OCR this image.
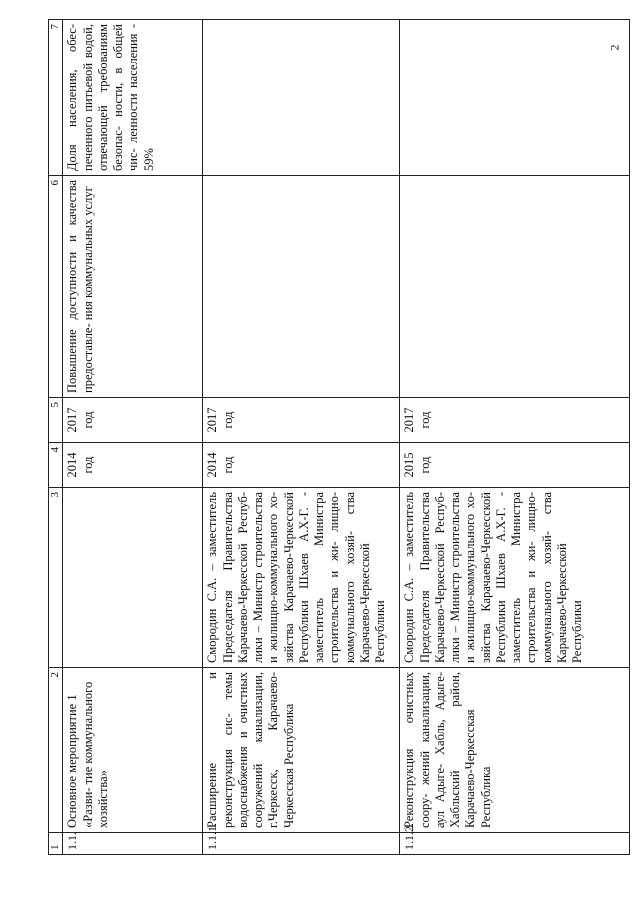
2
1	2	3	4	5	6	7
1.1.	Основное мероприятие 1 «Разви- тие коммунального хозяйства»		2014 год	2017 год	Повышение доступности и качества предоставле- ния коммунальных услуг	Доля населения, обес- печенного питьевой водой, отвечающей требованиям безопас- ности, в общей чис- ленности населения - 59%
1.1.1.	Расширение и реконструкция сис- темы водоснабжения и очистных сооружений канализации, г.Черкесск, Карачаево-Черкесская Республика	Смородин С.А. – заместитель Председателя Правительства Карачаево-Черкесской Респуб- лики – Министр строительства и жилищно-коммунального хо- зяйства Карачаево-Черкесской Республики Шхаев А.Х-Г. - заместитель Министра строительства и жи- лищно-коммунального хозяй- ства Карачаево-Черкесской Республики	2014 год	2017 год		
1.1.2.	Реконструкция очистных соору- жений канализации, аул Адыге- Хабль, Адыге-Хабльский район, Карачаево-Черкесская Республика	Смородин С.А. – заместитель Председателя Правительства Карачаево-Черкесской Респуб- лики – Министр строительства и жилищно-коммунального хо- зяйства Карачаево-Черкесской Республики Шхаев А.Х-Г. - заместитель Министра строительства и жи- лищно-коммунального хозяй- ства Карачаево-Черкесской Республики	2015 год	2017 год		
